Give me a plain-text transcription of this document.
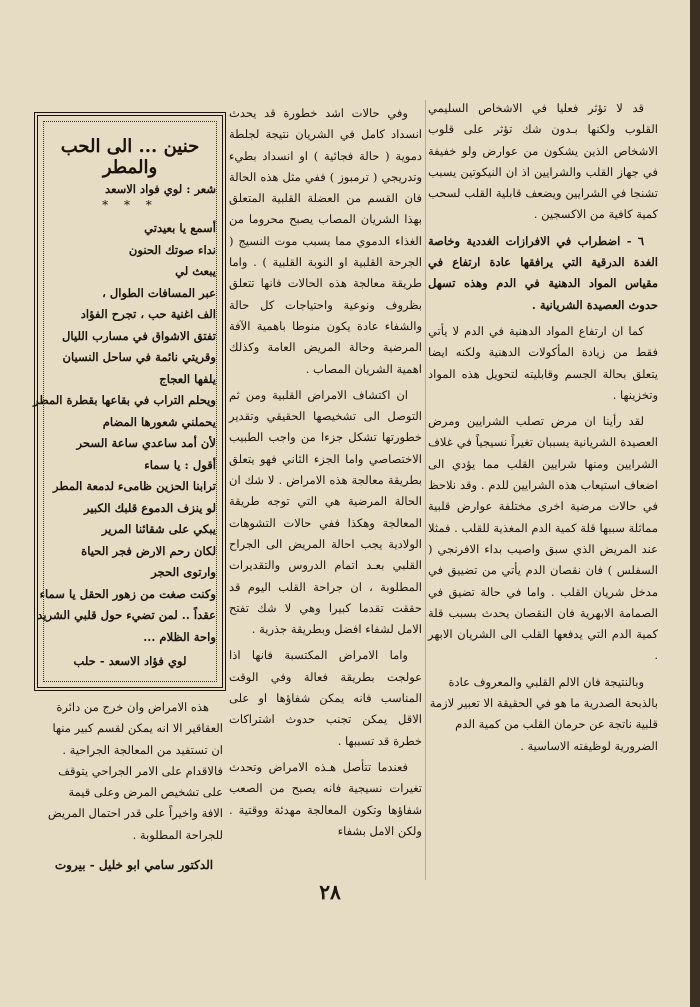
قد لا تؤثر فعليا في الاشخاص السليمي القلوب ولكنها بـدون شك تؤثر على قلوب الاشخاص الذين يشكون من عوارض ولو خفيفة في جهاز القلب والشرايين اذ ان النيكوتين يسبب تشنجا في الشرايين ويضعف قابلية القلب لسحب كمية كافية من الاكسجين .

٦ - اضطراب في الافرازات الغددية وخاصة الغدة الدرقية التي يرافقها عادة ارتفاع في مقياس المواد الدهنية في الدم وهذه تسهل حدوث العصيدة الشريانية .

كما ان ارتفاع المواد الدهنية في الدم لا يأتي فقط من زيادة المأكولات الدهنية ولكنه ايضا يتعلق بحالة الجسم وقابليته لتحويل هذه المواد وتخزينها .

لقد رأينا ان مرض تصلب الشرايين ومرض العصيدة الشريانية يسببان تغيراً نسيجياً في غلاف الشرايين ومنها شرايين القلب مما يؤدي الى اضعاف استيعاب هذه الشرايين للدم . وقد نلاحظ في حالات مرضية اخرى مختلفة عوارض قلبية مماثلة سببها قلة كمية الدم المغذية للقلب . فمثلا عند المريض الذي سبق واصيب بداء الافرنجي ( السفلس ) فان نقصان الدم يأتي من تضييق في مدخل شريان القلب . واما في حالة تضيق في الصمامة الابهرية فان النقصان يحدث بسبب قلة كمية الدم التي يدفعها القلب الى الشريان الابهر .

وبالنتيجة فان الالم القلبي والمعروف عادة بالذبحة الصدرية ما هو في الحقيقة الا تعبير لازمة قلبية ناتجة عن حرمان القلب من كمية الدم الضرورية لوظيفته الاساسية .

وفي حالات اشد خطورة قد يحدث انسداد كامل في الشريان نتيجة لجلطة دموية ( حالة فجائية ) او انسداد بطيء وتدريجي ( ترمبوز ) ففي مثل هذه الحالة فان القسم من العضلة القلبية المتعلق بهذا الشريان المصاب يصبح محروما من الغذاء الدموي مما يسبب موت النسيج ( الجرحة القلبية او النوبة القلبية ) . واما طريقة معالجة هذه الحالات فانها تتعلق بظروف ونوعية واحتياجات كل حالة والشفاء عادة يكون منوطا باهمية الآفة المرضية وحالة المريض العامة وكذلك اهمية الشريان المصاب .

ان اكتشاف الامراض القلبية ومن ثم التوصل الى تشخيصها الحقيقي وتقدير خطورتها تشكل جزءا من واجب الطبيب الاختصاصي واما الجزء الثاني فهو يتعلق بطريقة معالجة هذه الامراض . لا شك ان الحالة المرضية هي التي توجه طريقة المعالجة وهكذا ففي حالات التشوهات الولادية يجب احالة المريض الى الجراح القلبي بعـد اتمام الدروس والتقديرات المطلوبة ، ان جراحة القلب اليوم قد حققت تقدما كبيرا وهي لا شك تفتح الامل لشفاء افضل وبطريقة جذرية .

واما الامراض المكتسبة فانها اذا عولجت بطريقة فعالة وفي الوقت المناسب فانه يمكن شفاؤها او على الاقل يمكن تجنب حدوث اشتراكات خطرة قد تسببها .

فعندما تتأصل هـذه الامراض وتحدث تغيرات نسيجية فانه يصبح من الصعب شفاؤها وتكون المعالجة مهدئة ووقتية . ولكن الامل بشفاء

حنين ... الى الحب والمطر
شعر : لوي فواد الاسعد
* * *
أسمع يا بعيدتي
نداء صوتك الحنون
يبعث لي
عبر المسافات الطوال ،
الف اغنية حب ، تجرح الفؤاد
تفتق الاشواق في مسارب الليال
وقريتي نائمة في ساحل النسيان
يلفها العجاج
ويحلم التراب في بقاعها بقطرة المطر
يحملني شعورها المضام
لأن أمد ساعدي ساعة السحر
أقول : يا سماء
ترابنا الحزين ظامىء لدمعة المطر
لو ينزف الدموع قلبك الكبير
يبكي على شقائنا المرير
لكان رحم الارض فجر الحياة
وارتوى الحجر
وكنت صغت من زهور الحقل يا سماء
عقداً .. لمن تضيء حول قلبي الشريد
واحة الظلام ...
لوي فؤاد الاسعد - حلب

هذه الامراض وان خرج من دائرة العقاقير الا انه يمكن لقسم كبير منها ان تستفيد من المعالجة الجراحية . فالاقدام على الامر الجراحي يتوقف على تشخيص المرض وعلى قيمة الافة واخيراً على قدر احتمال المريض للجراحة المطلوبة .

الدكتور سامي ابو خليل - بيروت
٢٨
